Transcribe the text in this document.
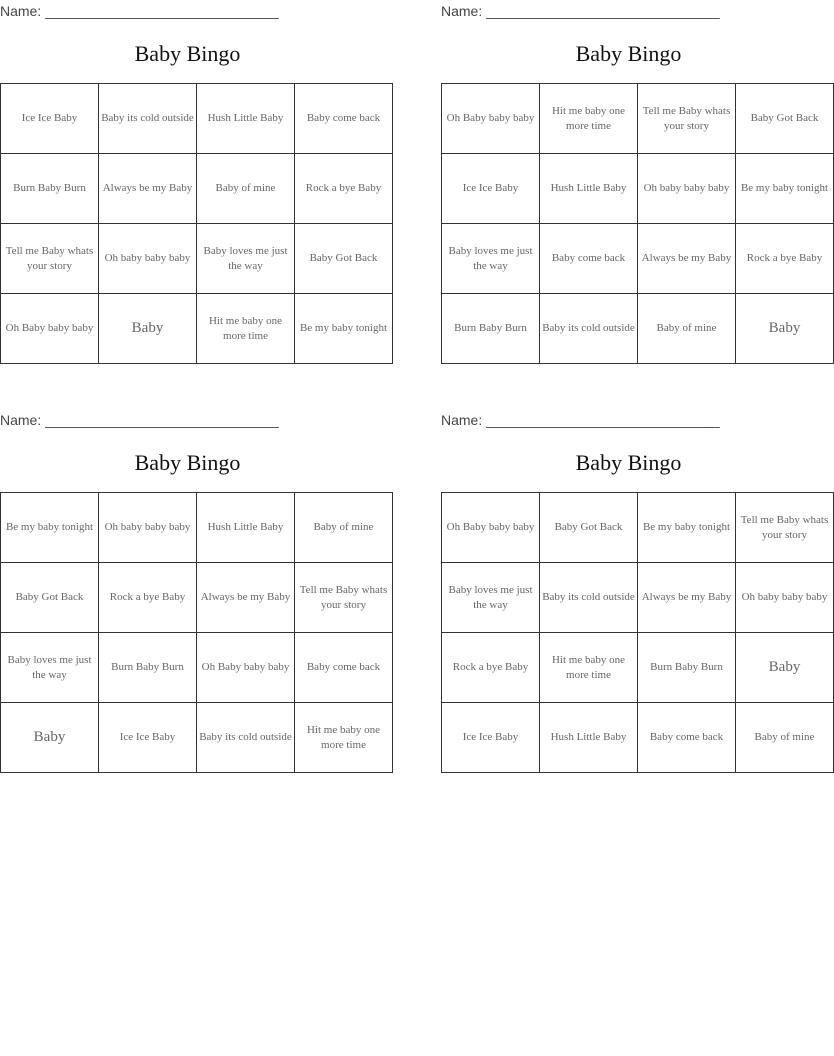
Name: ______________________________
Baby Bingo
Ice Ice Baby	Baby its cold outside	Hush Little Baby	Baby come back
Burn Baby Burn	Always be my Baby	Baby of mine	Rock a bye Baby
Tell me Baby whats your story	Oh baby baby baby	Baby loves me just the way	Baby Got Back
Oh Baby baby baby	Baby	Hit me baby one more time	Be my baby tonight
Name: ______________________________
Baby Bingo
Oh Baby baby baby	Hit me baby one more time	Tell me Baby whats your story	Baby Got Back
Ice Ice Baby	Hush Little Baby	Oh baby baby baby	Be my baby tonight
Baby loves me just the way	Baby come back	Always be my Baby	Rock a bye Baby
Burn Baby Burn	Baby its cold outside	Baby of mine	Baby
Name: ______________________________
Baby Bingo
Be my baby tonight	Oh baby baby baby	Hush Little Baby	Baby of mine
Baby Got Back	Rock a bye Baby	Always be my Baby	Tell me Baby whats your story
Baby loves me just the way	Burn Baby Burn	Oh Baby baby baby	Baby come back
Baby	Ice Ice Baby	Baby its cold outside	Hit me baby one more time
Name: ______________________________
Baby Bingo
Oh Baby baby baby	Baby Got Back	Be my baby tonight	Tell me Baby whats your story
Baby loves me just the way	Baby its cold outside	Always be my Baby	Oh baby baby baby
Rock a bye Baby	Hit me baby one more time	Burn Baby Burn	Baby
Ice Ice Baby	Hush Little Baby	Baby come back	Baby of mine
